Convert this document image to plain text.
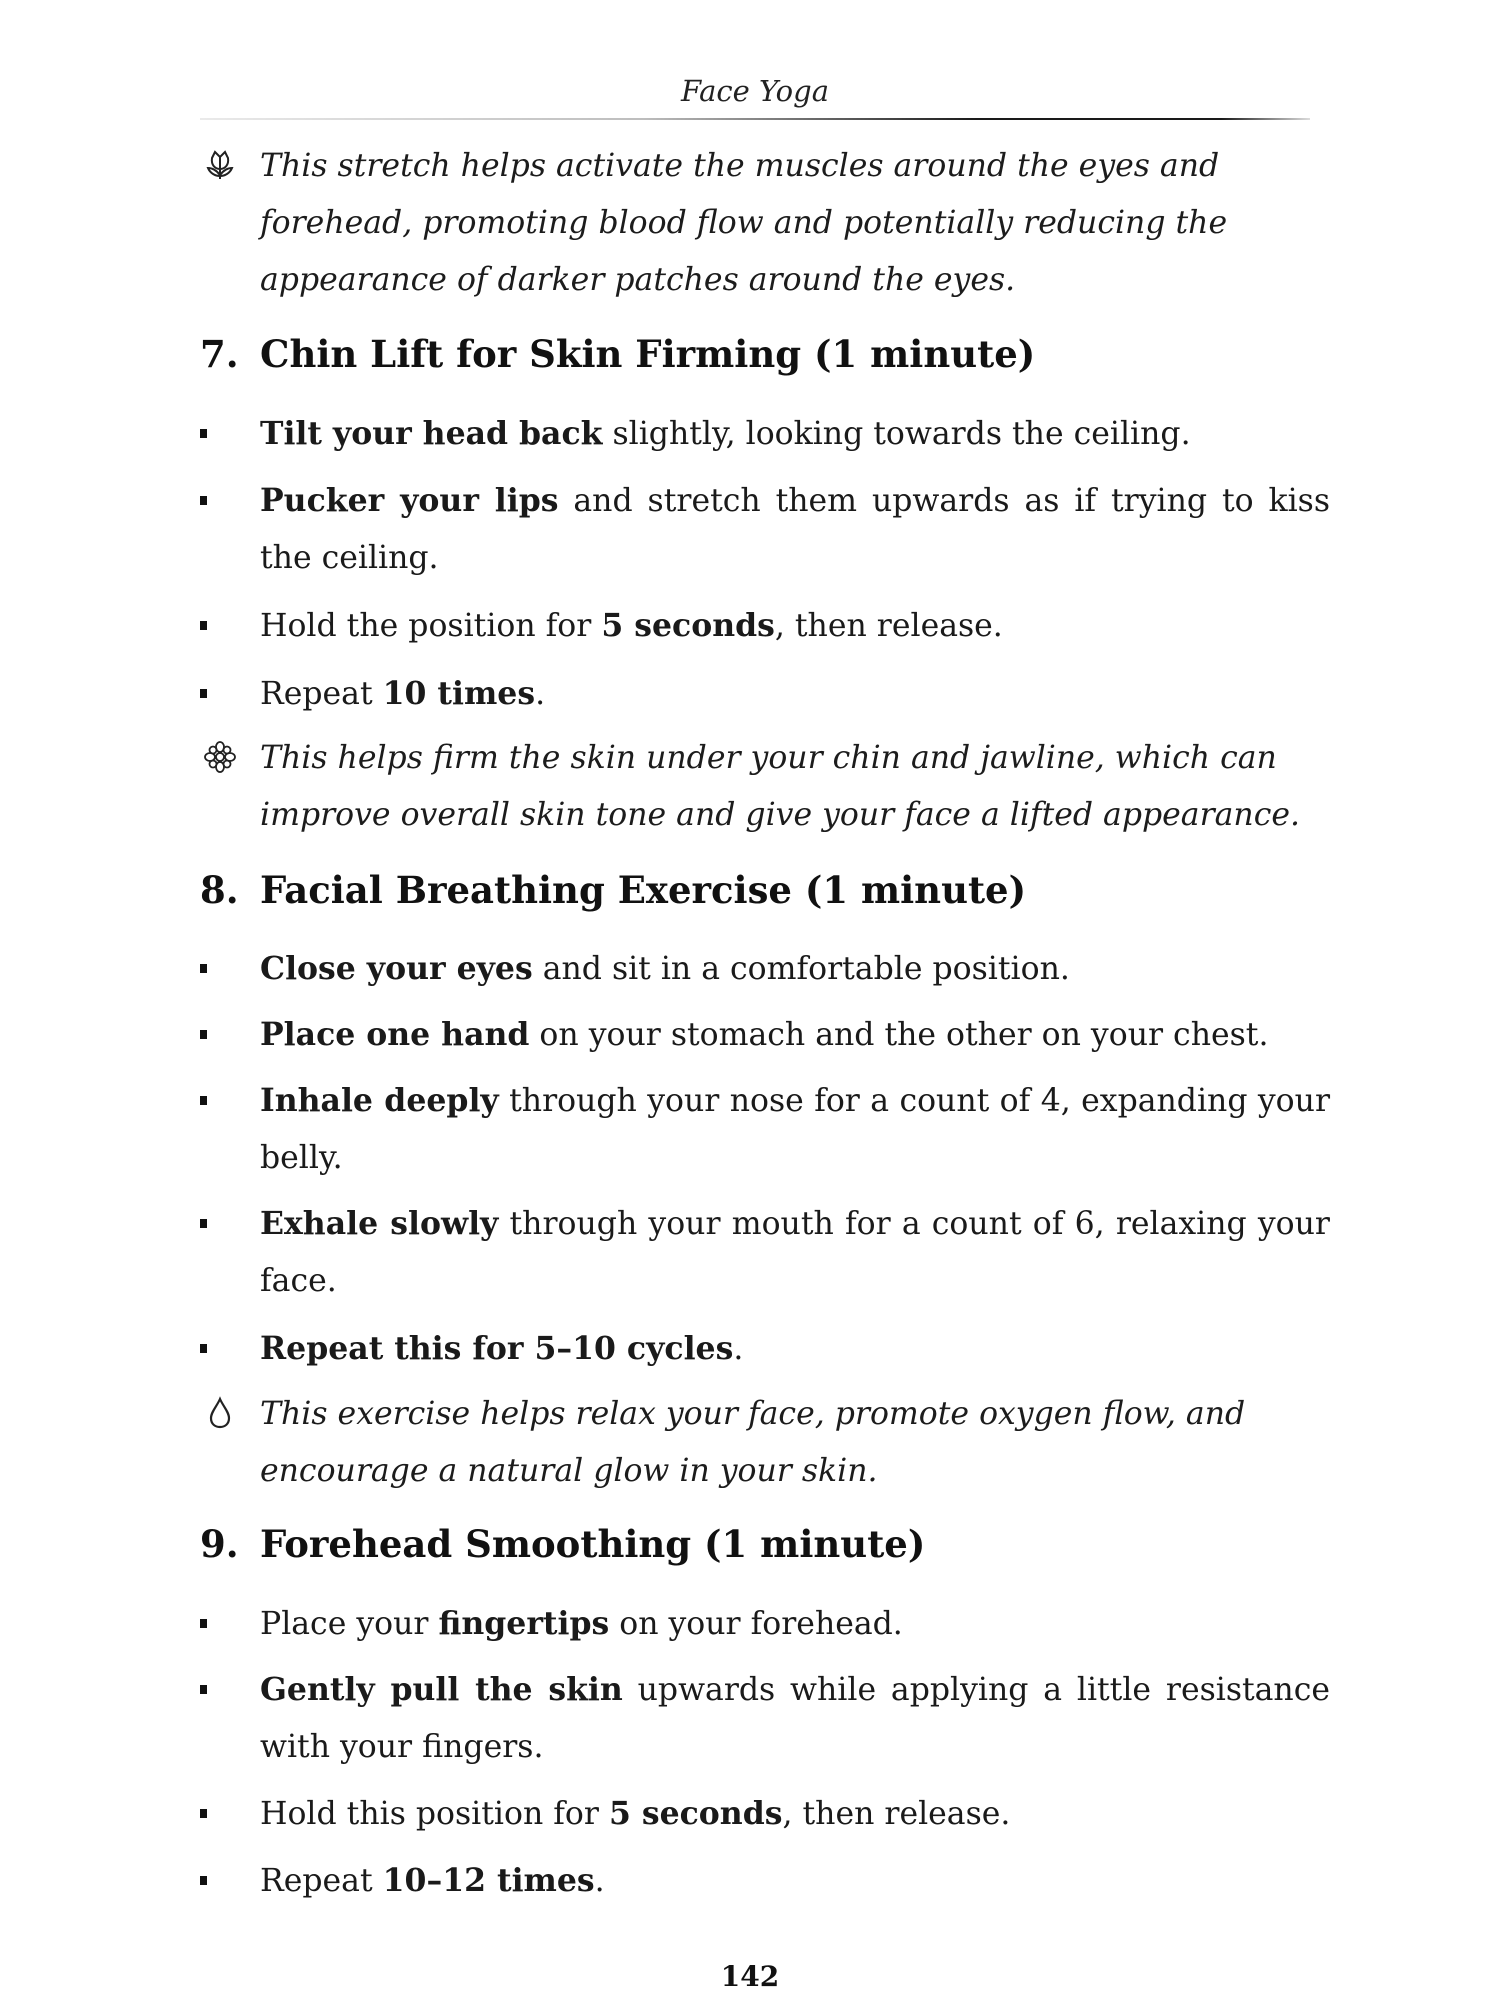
Face Yoga
This stretch helps activate the muscles around the eyes and forehead, promoting blood flow and potentially reducing the appearance of darker patches around the eyes.
7. Chin Lift for Skin Firming (1 minute)
Tilt your head back slightly, looking towards the ceiling.
Pucker your lips and stretch them upwards as if trying to kiss the ceiling.
Hold the position for 5 seconds, then release.
Repeat 10 times.
This helps firm the skin under your chin and jawline, which can improve overall skin tone and give your face a lifted appearance.
8. Facial Breathing Exercise (1 minute)
Close your eyes and sit in a comfortable position.
Place one hand on your stomach and the other on your chest.
Inhale deeply through your nose for a count of 4, expanding your belly.
Exhale slowly through your mouth for a count of 6, relaxing your face.
Repeat this for 5–10 cycles.
This exercise helps relax your face, promote oxygen flow, and encourage a natural glow in your skin.
9. Forehead Smoothing (1 minute)
Place your fingertips on your forehead.
Gently pull the skin upwards while applying a little resistance with your fingers.
Hold this position for 5 seconds, then release.
Repeat 10–12 times.
142
